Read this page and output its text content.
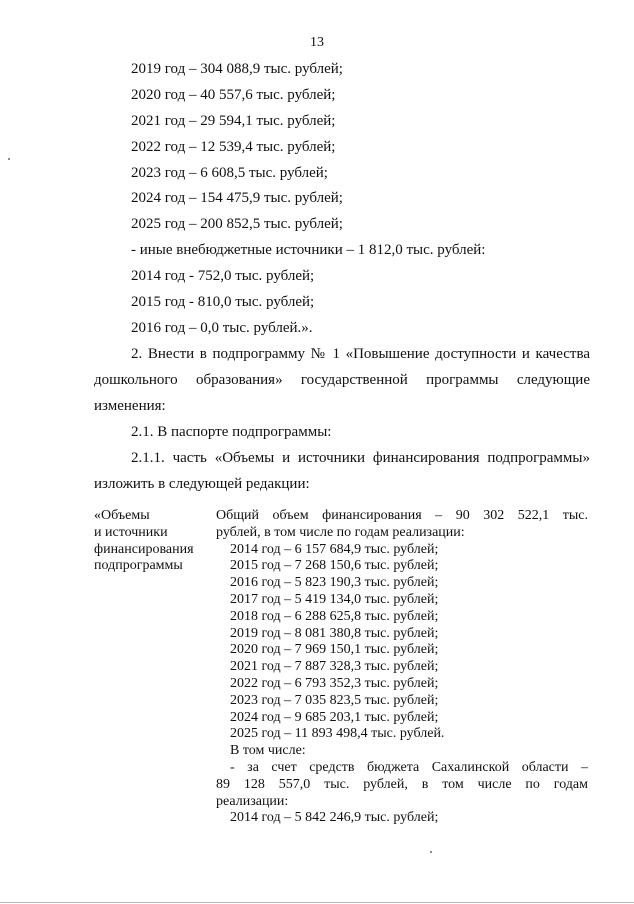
13
2019 год – 304 088,9 тыс. рублей;
2020 год – 40 557,6 тыс. рублей;
2021 год – 29 594,1 тыс. рублей;
2022 год – 12 539,4 тыс. рублей;
2023 год – 6 608,5 тыс. рублей;
2024 год – 154 475,9 тыс. рублей;
2025 год – 200 852,5 тыс. рублей;
- иные внебюджетные источники – 1 812,0 тыс. рублей:
2014 год - 752,0 тыс. рублей;
2015 год - 810,0 тыс. рублей;
2016 год – 0,0 тыс. рублей.».
2. Внести в подпрограмму № 1 «Повышение доступности и качества
дошкольного образования» государственной программы следующие
изменения:
2.1. В паспорте подпрограммы:
2.1.1. часть «Объемы и источники финансирования подпрограммы»
изложить в следующей редакции:
«Объемы
и источники
финансирования
подпрограммы
Общий объем финансирования – 90 302 522,1 тыс.
рублей, в том числе по годам реализации:
2014 год – 6 157 684,9 тыс. рублей;
2015 год – 7 268 150,6 тыс. рублей;
2016 год – 5 823 190,3 тыс. рублей;
2017 год – 5 419 134,0 тыс. рублей;
2018 год – 6 288 625,8 тыс. рублей;
2019 год – 8 081 380,8 тыс. рублей;
2020 год – 7 969 150,1 тыс. рублей;
2021 год – 7 887 328,3 тыс. рублей;
2022 год – 6 793 352,3 тыс. рублей;
2023 год – 7 035 823,5 тыс. рублей;
2024 год – 9 685 203,1 тыс. рублей;
2025 год – 11 893 498,4 тыс. рублей.
В том числе:
- за счет средств бюджета Сахалинской области –
89 128 557,0 тыс. рублей, в том числе по годам
реализации:
2014 год – 5 842 246,9 тыс. рублей;
